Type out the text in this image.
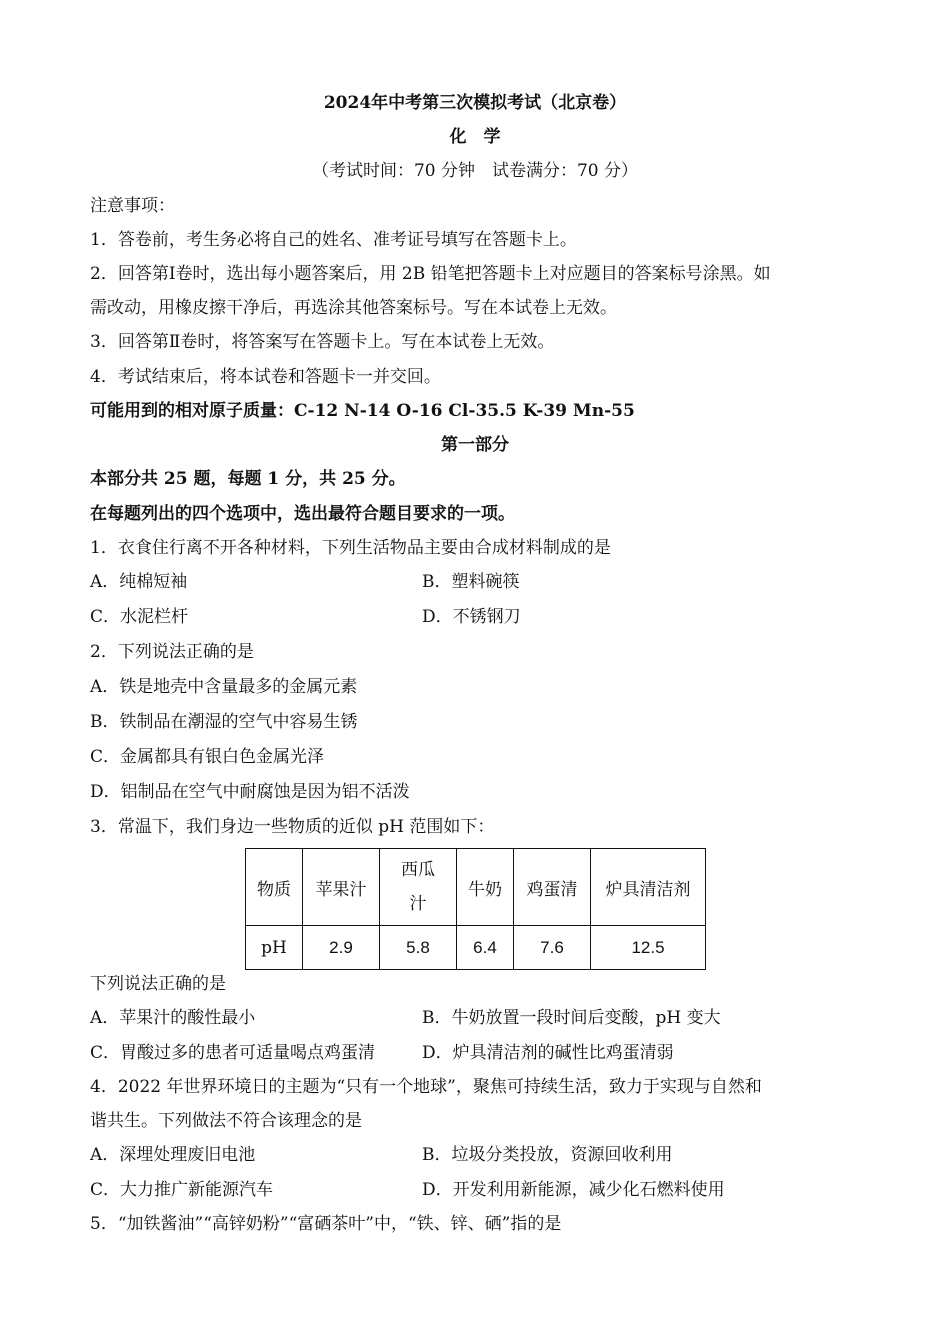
2024年中考第三次模拟考试（北京卷）
化　学
（考试时间：70 分钟　试卷满分：70 分）
注意事项：
1．答卷前，考生务必将自己的姓名、准考证号填写在答题卡上。
2．回答第Ⅰ卷时，选出每小题答案后，用 2B 铅笔把答题卡上对应题目的答案标号涂黑。如
需改动，用橡皮擦干净后，再选涂其他答案标号。写在本试卷上无效。
3．回答第Ⅱ卷时，将答案写在答题卡上。写在本试卷上无效。
4．考试结束后，将本试卷和答题卡一并交回。
可能用到的相对原子质量：C-12 N-14 O-16 Cl-35.5 K-39 Mn-55
第一部分
本部分共 25 题，每题 1 分，共 25 分。
在每题列出的四个选项中，选出最符合题目要求的一项。
1．衣食住行离不开各种材料，下列生活物品主要由合成材料制成的是
A．纯棉短袖	B．塑料碗筷
C．水泥栏杆	D．不锈钢刀
2．下列说法正确的是
A．铁是地壳中含量最多的金属元素
B．铁制品在潮湿的空气中容易生锈
C．金属都具有银白色金属光泽
D．铝制品在空气中耐腐蚀是因为铝不活泼
3．常温下，我们身边一些物质的近似 pH 范围如下：
物质	苹果汁	西瓜汁	牛奶	鸡蛋清	炉具清洁剂
pH	2.9	5.8	6.4	7.6	12.5
下列说法正确的是
A．苹果汁的酸性最小	B．牛奶放置一段时间后变酸，pH 变大
C．胃酸过多的患者可适量喝点鸡蛋清	D．炉具清洁剂的碱性比鸡蛋清弱
4．2022 年世界环境日的主题为“只有一个地球”，聚焦可持续生活，致力于实现与自然和
谐共生。下列做法不符合该理念的是
A．深埋处理废旧电池	B．垃圾分类投放，资源回收利用
C．大力推广新能源汽车	D．开发利用新能源，减少化石燃料使用
5．“加铁酱油”“高锌奶粉”“富硒茶叶”中，“铁、锌、硒”指的是
